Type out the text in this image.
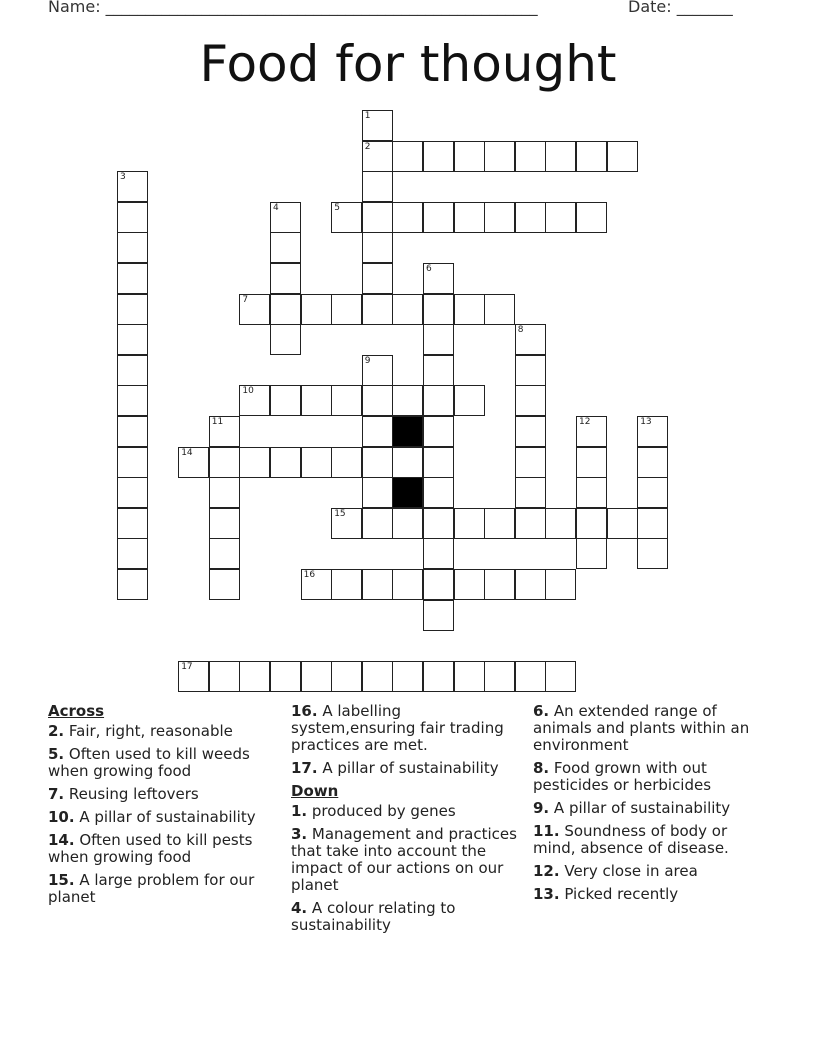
Name: ______________________________________________________	Date: _______
Food for thought
2
5
7
10
14
15
16
17
1
3
4
6
8
9
11	12	13
Across
2. Fair, right, reasonable
5. Often used to kill weeds when growing food
7. Reusing leftovers
10. A pillar of sustainability
14. Often used to kill pests when growing food
15. A large problem for our planet
16. A labelling system,ensuring fair trading practices are met.
17. A pillar of sustainability
Down
1. produced by genes
3. Management and practices that take into account the impact of our actions on our planet
4. A colour relating to sustainability
6. An extended range of animals and plants within an environment
8. Food grown with out pesticides or herbicides
9. A pillar of sustainability
11. Soundness of body or mind, absence of disease.
12. Very close in area
13. Picked recently
